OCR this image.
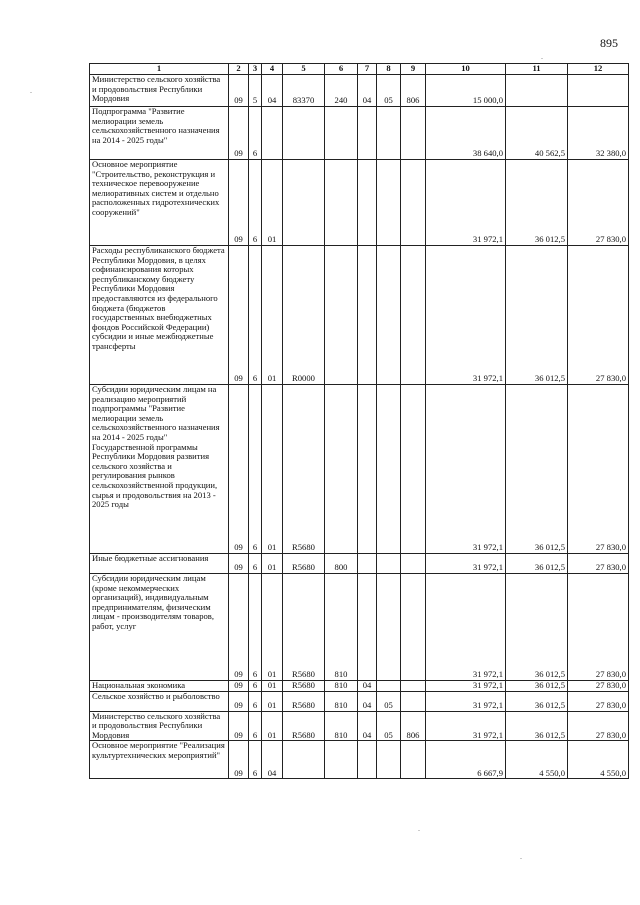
895
1	2	3	4	5	6	7	8	9	10	11	12

Министерство сельского хозяйства и продовольствия Республики Мордовия	09	5	04	83370	240	04	05	806	15 000,0		

Подпрограмма "Развитие мелиорации земель сельскохозяйственного назначения на 2014 - 2025 годы"	09	6							38 640,0	40 562,5	32 380,0

Основное мероприятие "Строительство, реконструкция и техническое перевооружение мелиоративных систем и отдельно расположенных гидротехнических сооружений"	09	6	01						31 972,1	36 012,5	27 830,0

Расходы республиканского бюджета Республики Мордовия, в целях софинансирования которых республиканскому бюджету Республики Мордовия предоставляются из федерального бюджета (бюджетов государственных внебюджетных фондов Российской Федерации) субсидии и иные межбюджетные трансферты	09	6	01	R0000					31 972,1	36 012,5	27 830,0

Субсидии юридическим лицам на реализацию мероприятий подпрограммы "Развитие мелиорации земель сельскохозяйственного назначения на 2014 - 2025 годы" Государственной программы Республики Мордовия развития сельского хозяйства и регулирования рынков сельскохозяйственной продукции, сырья и продовольствия на 2013 - 2025 годы	09	6	01	R5680					31 972,1	36 012,5	27 830,0

Иные бюджетные ассигнования	09	6	01	R5680	800				31 972,1	36 012,5	27 830,0

Субсидии юридическим лицам (кроме некоммерческих организаций), индивидуальным предпринимателям, физическим лицам - производителям товаров, работ, услуг	09	6	01	R5680	810				31 972,1	36 012,5	27 830,0

Национальная экономика	09	6	01	R5680	810	04			31 972,1	36 012,5	27 830,0

Сельское хозяйство и рыболовство	09	6	01	R5680	810	04	05		31 972,1	36 012,5	27 830,0

Министерство сельского хозяйства и продовольствия Республики Мордовия	09	6	01	R5680	810	04	05	806	31 972,1	36 012,5	27 830,0

Основное мероприятие "Реализация культуртехнических мероприятий"	09	6	04						6 667,9	4 550,0	4 550,0
